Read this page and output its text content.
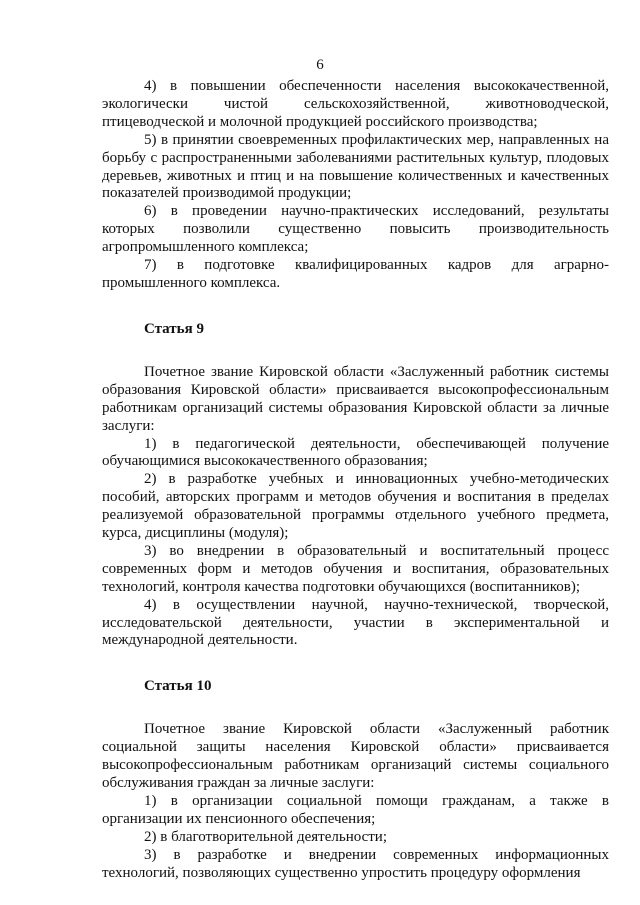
6

4) в повышении обеспеченности населения высококачественной, экологически чистой сельскохозяйственной, животноводческой, птицеводческой и молочной продукцией российского производства;

5) в принятии своевременных профилактических мер, направленных на борьбу с распространенными заболеваниями растительных культур, плодовых деревьев, животных и птиц и на повышение количественных и качественных показателей производимой продукции;

6) в проведении научно-практических исследований, результаты которых позволили существенно повысить производительность агропромышленного комплекса;

7) в подготовке квалифицированных кадров для аграрно-промышленного комплекса.

Статья 9

Почетное звание Кировской области «Заслуженный работник системы образования Кировской области» присваивается высокопрофессиональным работникам организаций системы образования Кировской области за личные заслуги:

1) в педагогической деятельности, обеспечивающей получение обучающимися высококачественного образования;

2) в разработке учебных и инновационных учебно-методических пособий, авторских программ и методов обучения и воспитания в пределах реализуемой образовательной программы отдельного учебного предмета, курса, дисциплины (модуля);

3) во внедрении в образовательный и воспитательный процесс современных форм и методов обучения и воспитания, образовательных технологий, контроля качества подготовки обучающихся (воспитанников);

4) в осуществлении научной, научно-технической, творческой, исследовательской деятельности, участии в экспериментальной и международной деятельности.

Статья 10

Почетное звание Кировской области «Заслуженный работник социальной защиты населения Кировской области» присваивается высокопрофессиональным работникам организаций системы социального обслуживания граждан за личные заслуги:

1) в организации социальной помощи гражданам, а также в организации их пенсионного обеспечения;

2) в благотворительной деятельности;

3) в разработке и внедрении современных информационных технологий, позволяющих существенно упростить процедуру оформления
